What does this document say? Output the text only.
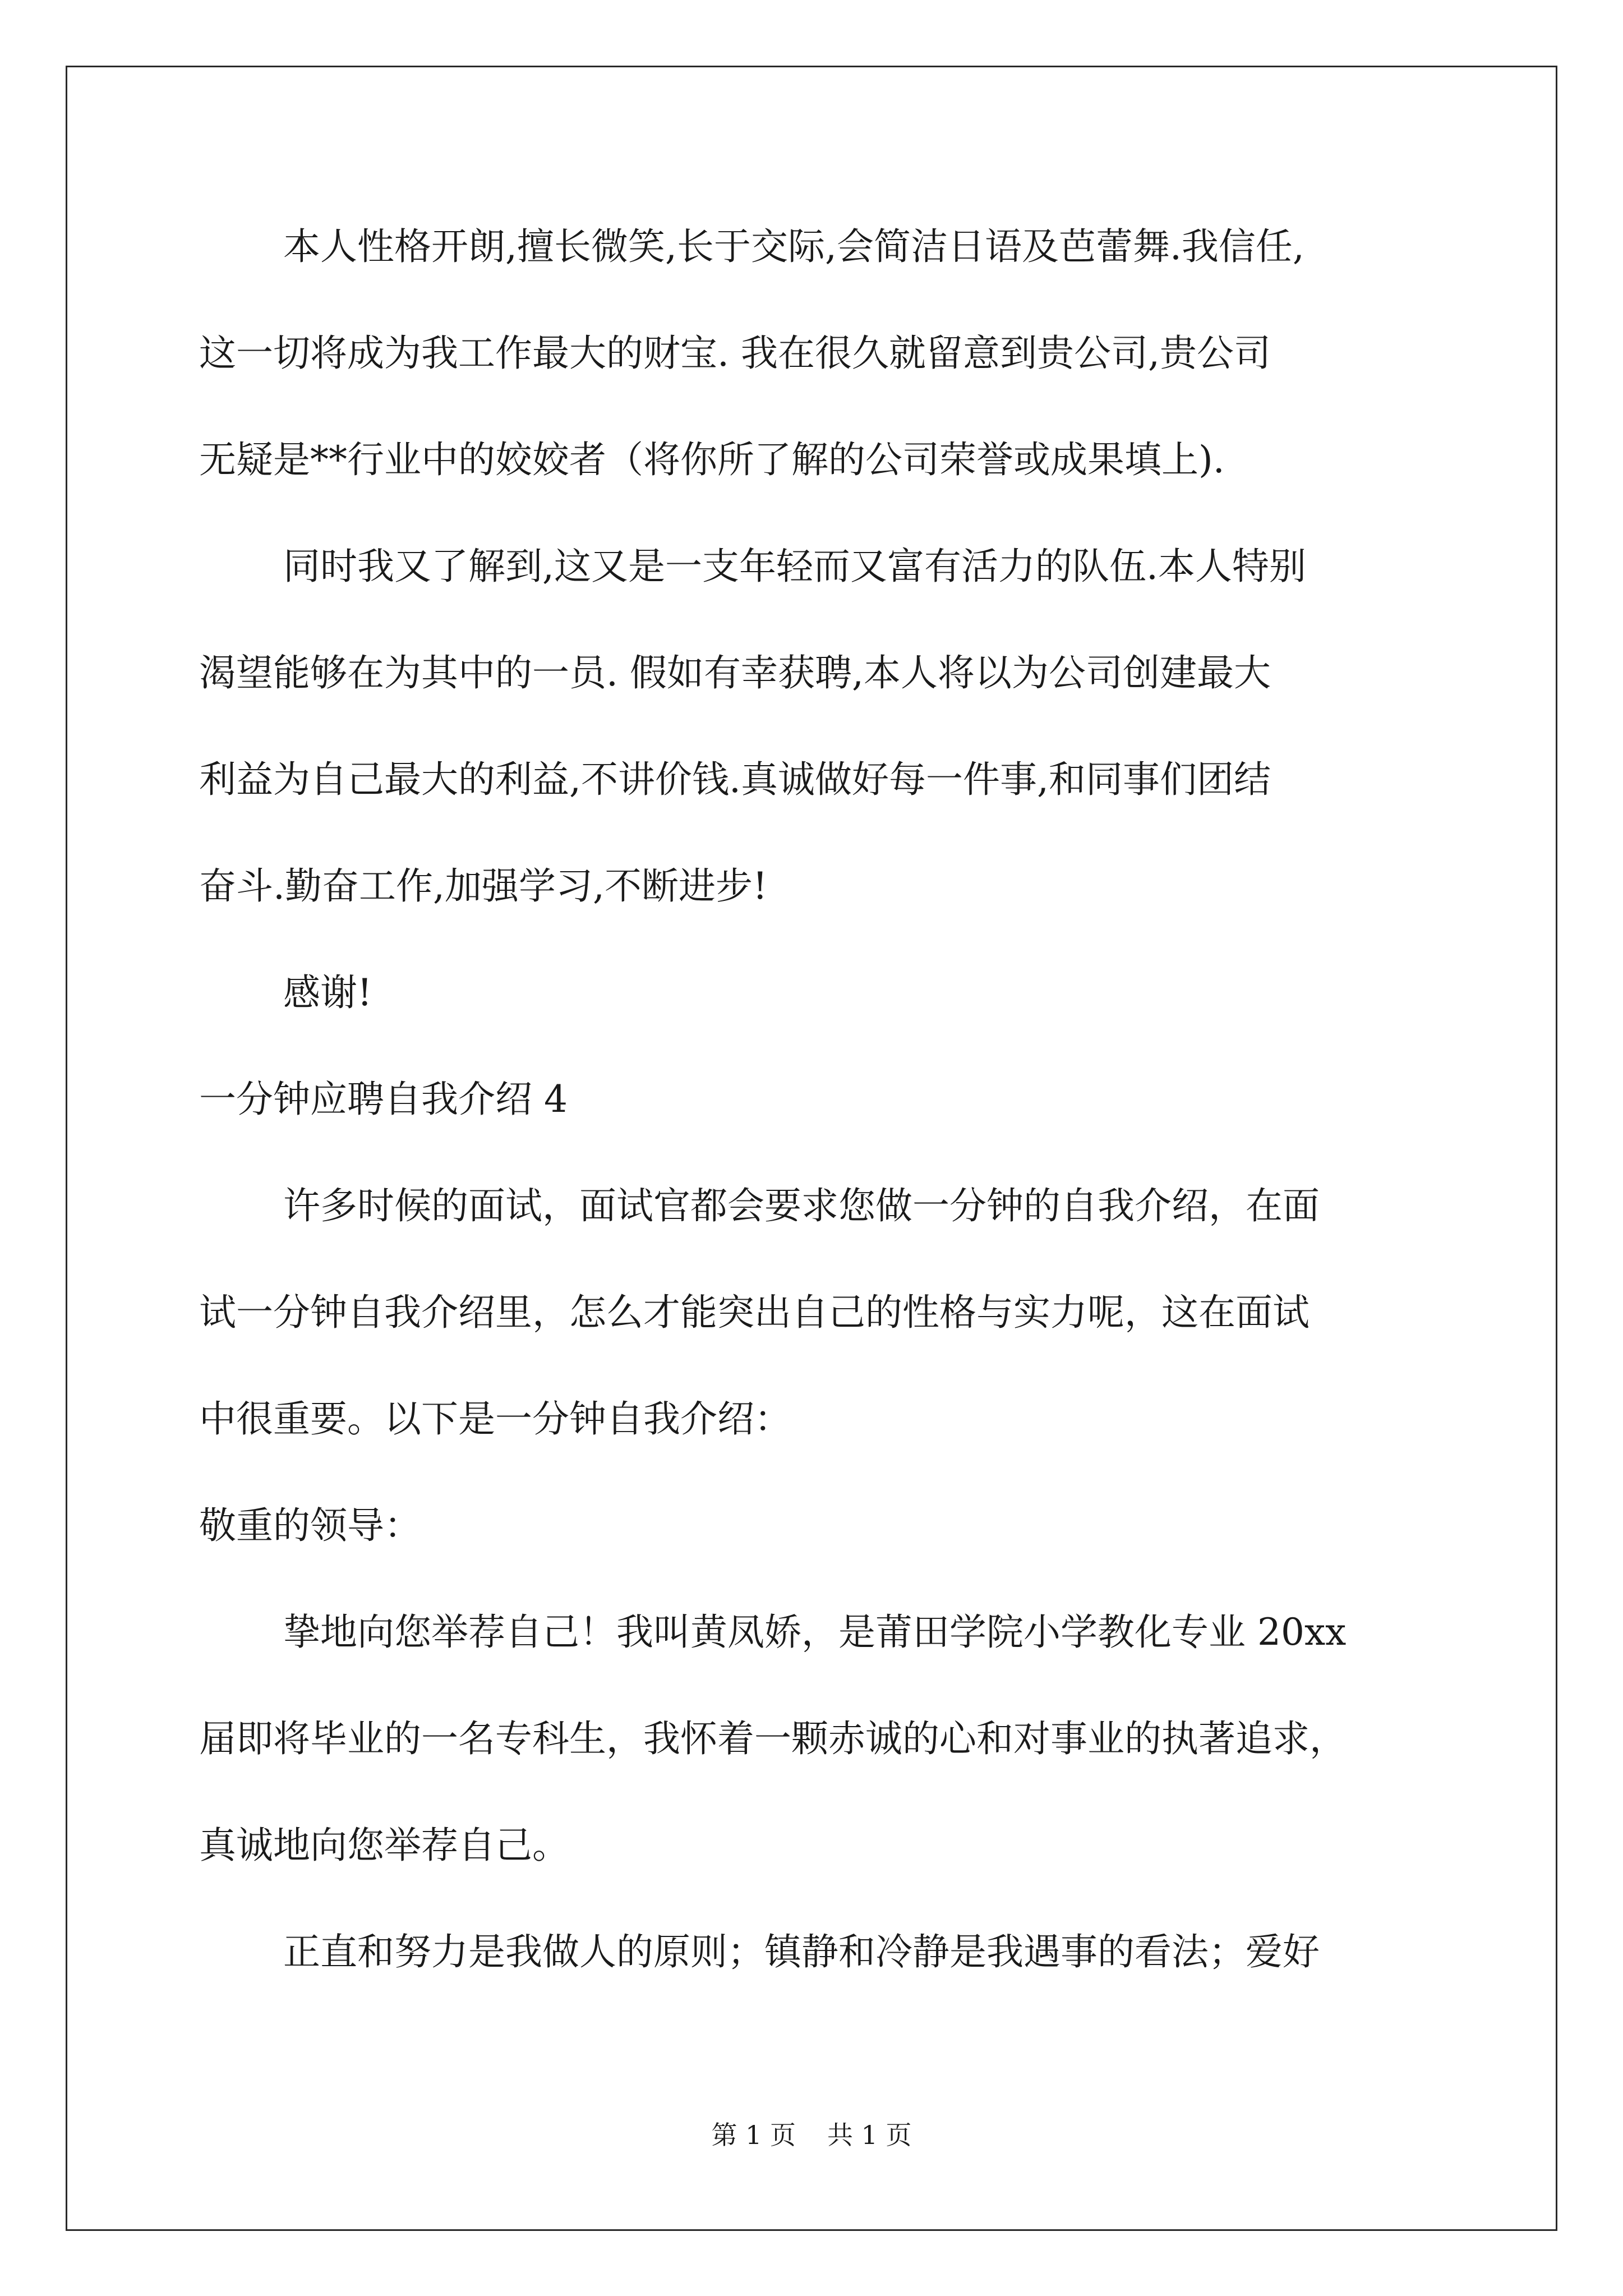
本人性格开朗,擅长微笑,长于交际,会简洁日语及芭蕾舞.我信任,
这一切将成为我工作最大的财宝. 我在很久就留意到贵公司,贵公司
无疑是**行业中的姣姣者（将你所了解的公司荣誉或成果填上).
同时我又了解到,这又是一支年轻而又富有活力的队伍.本人特别
渴望能够在为其中的一员. 假如有幸获聘,本人将以为公司创建最大
利益为自己最大的利益,不讲价钱.真诚做好每一件事,和同事们团结
奋斗.勤奋工作,加强学习,不断进步!
感谢!
一分钟应聘自我介绍 4
许多时候的面试，面试官都会要求您做一分钟的自我介绍，在面
试一分钟自我介绍里，怎么才能突出自己的性格与实力呢，这在面试
中很重要。以下是一分钟自我介绍：
敬重的领导：
挚地向您举荐自己！我叫黄凤娇，是莆田学院小学教化专业 20xx
届即将毕业的一名专科生，我怀着一颗赤诚的心和对事业的执著追求，
真诚地向您举荐自己。
正直和努力是我做人的原则；镇静和冷静是我遇事的看法；爱好
第 1 页 共 1 页
